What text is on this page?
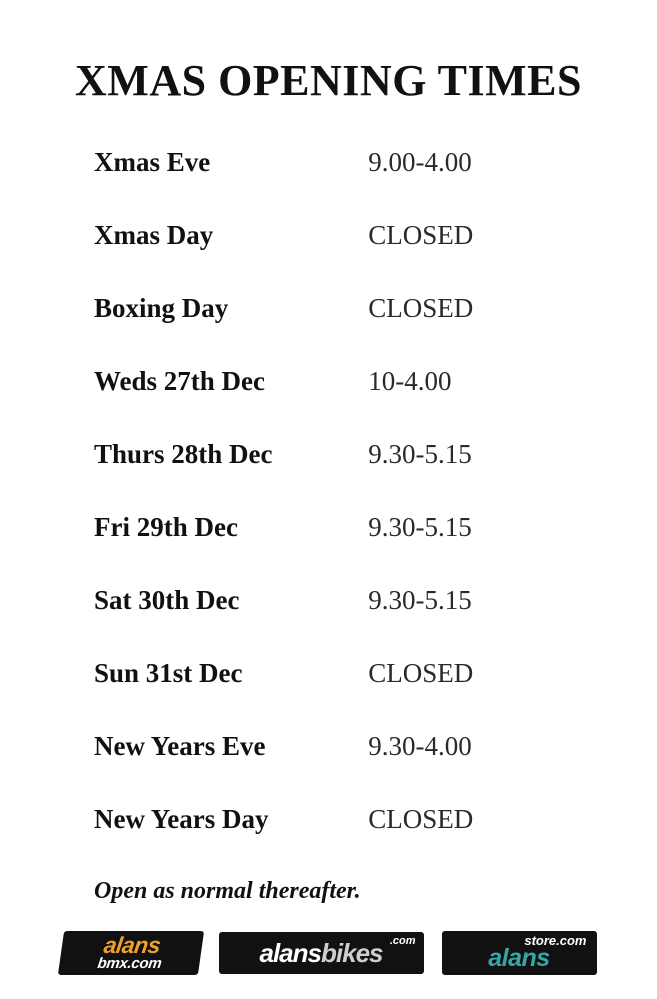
XMAS OPENING TIMES
Xmas Eve	9.00-4.00
Xmas Day	CLOSED
Boxing Day	CLOSED
Weds 27th Dec	10-4.00
Thurs 28th Dec	9.30-5.15
Fri 29th Dec	9.30-5.15
Sat 30th Dec	9.30-5.15
Sun 31st Dec	CLOSED
New Years Eve	9.30-4.00
New Years Day	CLOSED
Open as normal thereafter.
alans
bmx.com	alansbikes .com	store.com
alans
